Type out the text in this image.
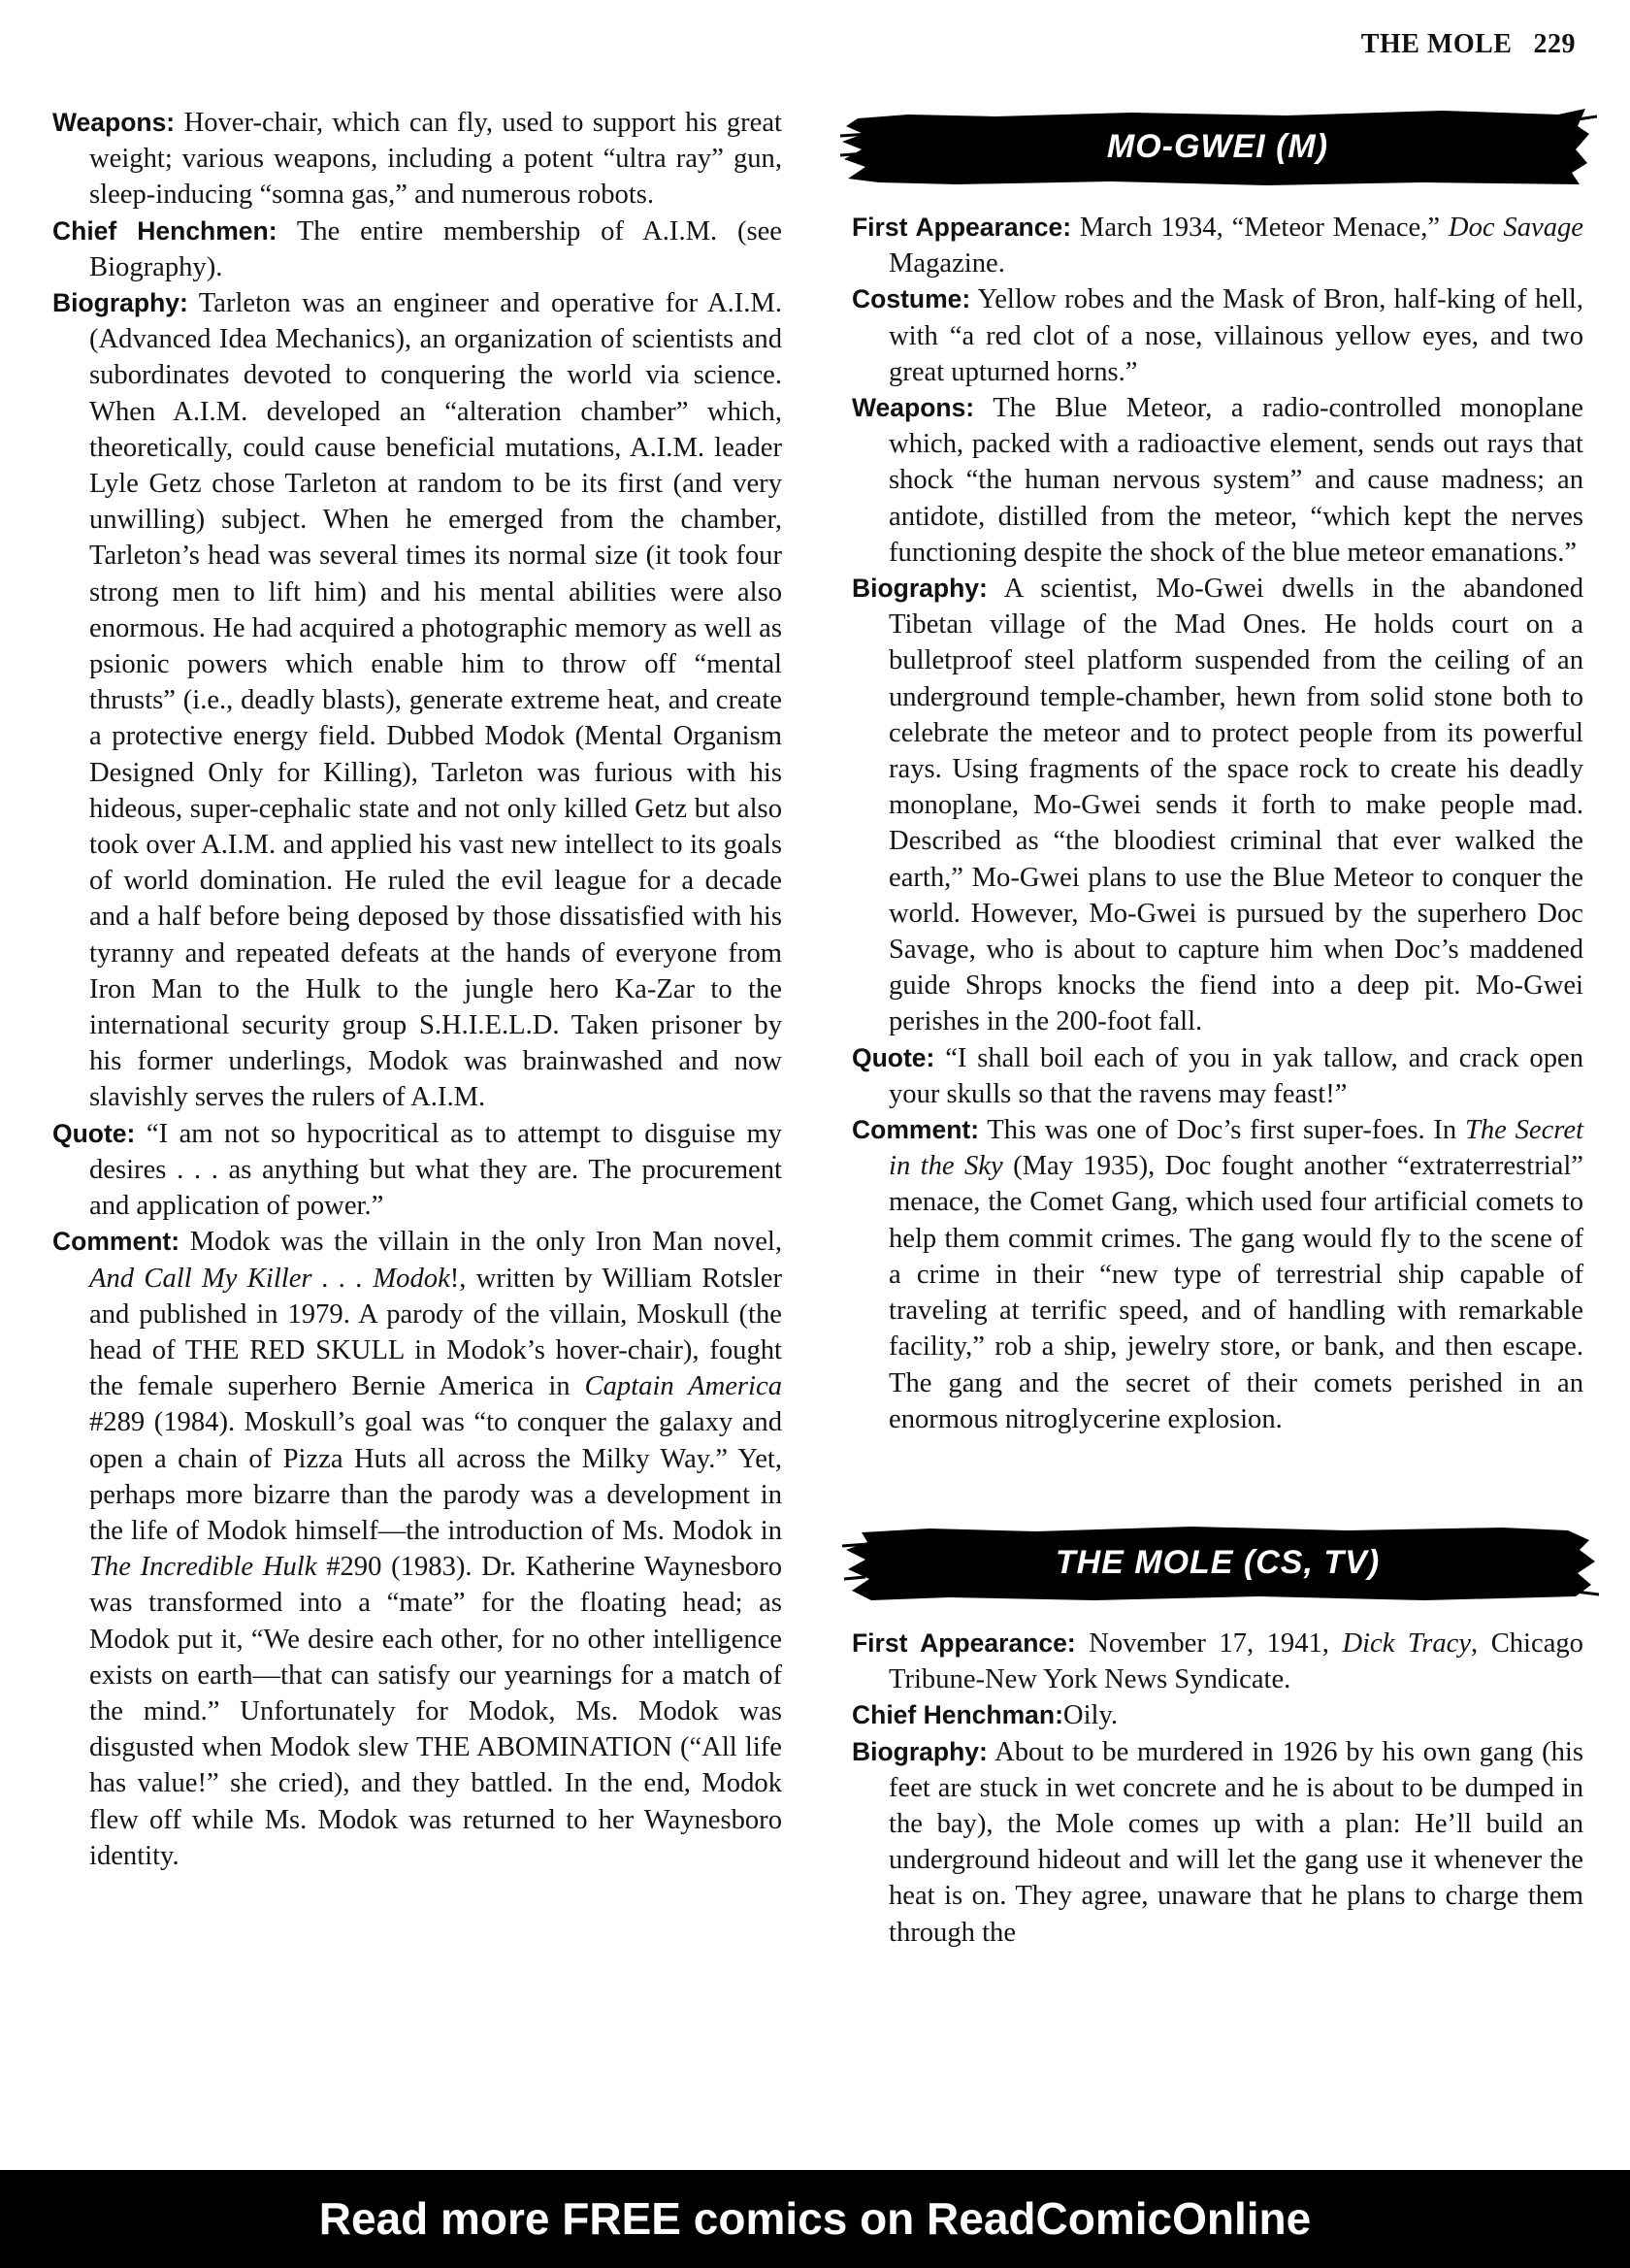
THE MOLE 229

Weapons: Hover-chair, which can fly, used to support his great weight; various weapons, including a potent “ultra ray” gun, sleep-inducing “somna gas,” and numerous robots.

Chief Henchmen: The entire membership of A.I.M. (see Biography).

Biography: Tarleton was an engineer and operative for A.I.M. (Advanced Idea Mechanics), an organization of scientists and subordinates devoted to conquering the world via science. When A.I.M. developed an “alteration chamber” which, theoretically, could cause beneficial mutations, A.I.M. leader Lyle Getz chose Tarleton at random to be its first (and very unwilling) subject. When he emerged from the chamber, Tarleton’s head was several times its normal size (it took four strong men to lift him) and his mental abilities were also enormous. He had acquired a photographic memory as well as psionic powers which enable him to throw off “mental thrusts” (i.e., deadly blasts), generate extreme heat, and create a protective energy field. Dubbed Modok (Mental Organism Designed Only for Killing), Tarleton was furious with his hideous, super-cephalic state and not only killed Getz but also took over A.I.M. and applied his vast new intellect to its goals of world domination. He ruled the evil league for a decade and a half before being deposed by those dissatisfied with his tyranny and repeated defeats at the hands of everyone from Iron Man to the Hulk to the jungle hero Ka-Zar to the international security group S.H.I.E.L.D. Taken prisoner by his former underlings, Modok was brainwashed and now slavishly serves the rulers of A.I.M.

Quote: “I am not so hypocritical as to attempt to disguise my desires . . . as anything but what they are. The procurement and application of power.”

Comment: Modok was the villain in the only Iron Man novel, And Call My Killer . . . Modok!, written by William Rotsler and published in 1979. A parody of the villain, Moskull (the head of THE RED SKULL in Modok’s hover-chair), fought the female superhero Bernie America in Captain America #289 (1984). Moskull’s goal was “to conquer the galaxy and open a chain of Pizza Huts all across the Milky Way.” Yet, perhaps more bizarre than the parody was a development in the life of Modok himself—the introduction of Ms. Modok in The Incredible Hulk #290 (1983). Dr. Katherine Waynesboro was transformed into a “mate” for the floating head; as Modok put it, “We desire each other, for no other intelligence exists on earth—that can satisfy our yearnings for a match of the mind.” Unfortunately for Modok, Ms. Modok was disgusted when Modok slew THE ABOMINATION (“All life has value!” she cried), and they battled. In the end, Modok flew off while Ms. Modok was returned to her Waynesboro identity.

MO-GWEI (M)

First Appearance: March 1934, “Meteor Menace,” Doc Savage Magazine.

Costume: Yellow robes and the Mask of Bron, half-king of hell, with “a red clot of a nose, villainous yellow eyes, and two great upturned horns.”

Weapons: The Blue Meteor, a radio-controlled monoplane which, packed with a radioactive element, sends out rays that shock “the human nervous system” and cause madness; an antidote, distilled from the meteor, “which kept the nerves functioning despite the shock of the blue meteor emanations.”

Biography: A scientist, Mo-Gwei dwells in the abandoned Tibetan village of the Mad Ones. He holds court on a bulletproof steel platform suspended from the ceiling of an underground temple-chamber, hewn from solid stone both to celebrate the meteor and to protect people from its powerful rays. Using fragments of the space rock to create his deadly monoplane, Mo-Gwei sends it forth to make people mad. Described as “the bloodiest criminal that ever walked the earth,” Mo-Gwei plans to use the Blue Meteor to conquer the world. However, Mo-Gwei is pursued by the superhero Doc Savage, who is about to capture him when Doc’s maddened guide Shrops knocks the fiend into a deep pit. Mo-Gwei perishes in the 200-foot fall.

Quote: “I shall boil each of you in yak tallow, and crack open your skulls so that the ravens may feast!”

Comment: This was one of Doc’s first super-foes. In The Secret in the Sky (May 1935), Doc fought another “extraterrestrial” menace, the Comet Gang, which used four artificial comets to help them commit crimes. The gang would fly to the scene of a crime in their “new type of terrestrial ship capable of traveling at terrific speed, and of handling with remarkable facility,” rob a ship, jewelry store, or bank, and then escape. The gang and the secret of their comets perished in an enormous nitroglycerine explosion.

THE MOLE (CS, TV)

First Appearance: November 17, 1941, Dick Tracy, Chicago Tribune-New York News Syndicate.

Chief Henchman:Oily.

Biography: About to be murdered in 1926 by his own gang (his feet are stuck in wet concrete and he is about to be dumped in the bay), the Mole comes up with a plan: He’ll build an underground hideout and will let the gang use it whenever the heat is on. They agree, unaware that he plans to charge them through the

Read more FREE comics on ReadComicOnline
